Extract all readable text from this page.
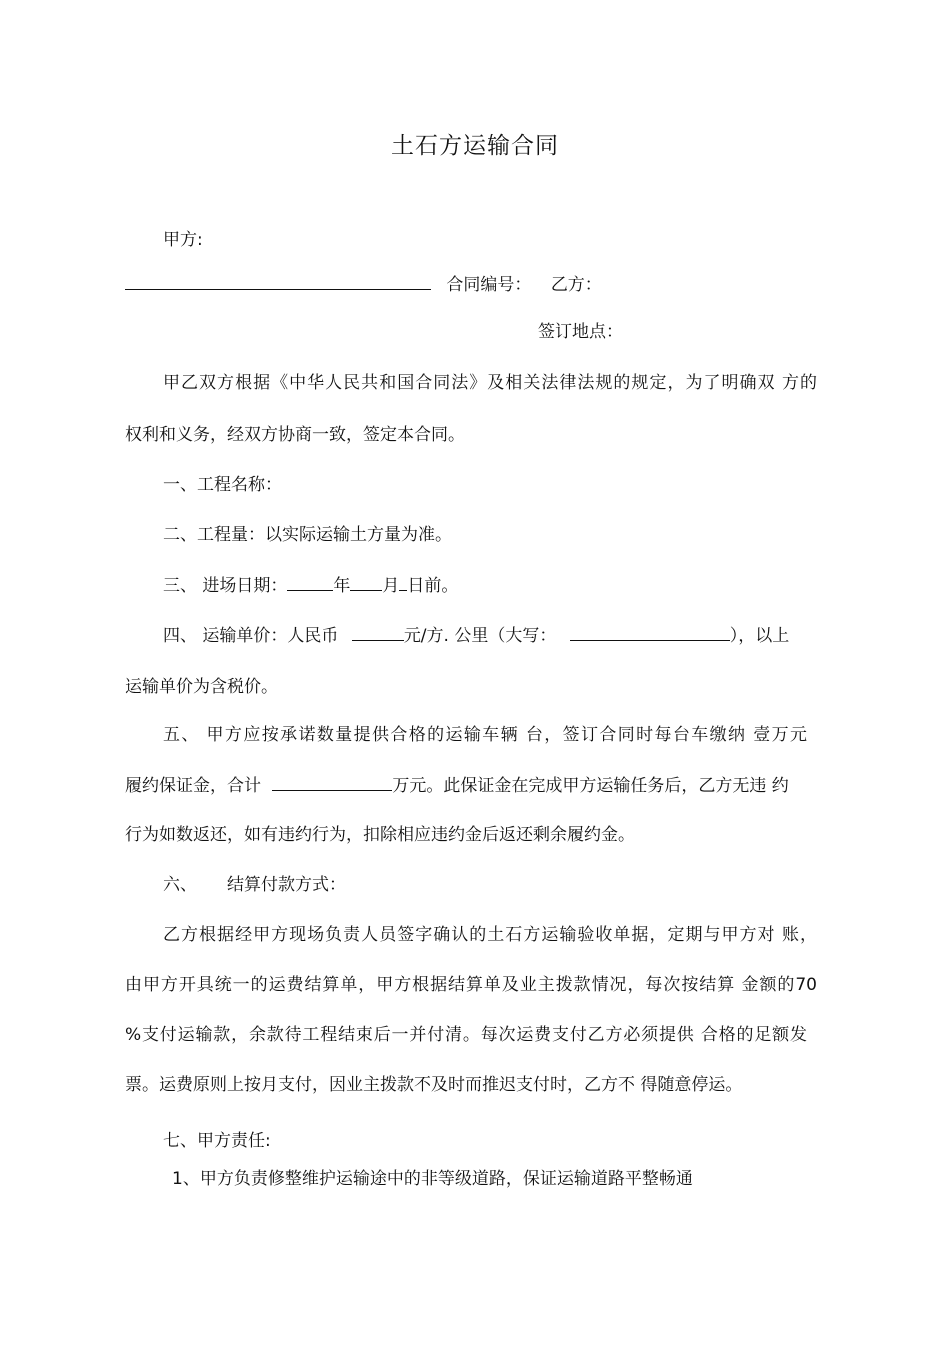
土石方运输合同
甲方:
合同编号： 乙方：
签订地点：
甲乙双方根据《中华人民共和国合同法》及相关法律法规的规定，为了明确双 方的
权利和义务，经双方协商一致，签定本合同。
一、工程名称：
二、工程量：以实际运输土方量为准。
三、 进场日期：	年 月 日前。
四、 运输单价：人民币	元/方. 公里（大写：	），以上
运输单价为含税价。
五、 甲方应按承诺数量提供合格的运输车辆 台，签订合同时每台车缴纳 壹万元
履约保证金，合计	万元。此保证金在完成甲方运输任务后，乙方无违 约
行为如数返还，如有违约行为，扣除相应违约金后返还剩余履约金。
六、 结算付款方式：
乙方根据经甲方现场负责人员签字确认的土石方运输验收单据，定期与甲方对 账，
由甲方开具统一的运费结算单，甲方根据结算单及业主拨款情况，每次按结算 金额的70
%支付运输款，余款待工程结束后一并付清。每次运费支付乙方必须提供 合格的足额发
票。运费原则上按月支付，因业主拨款不及时而推迟支付时，乙方不 得随意停运。
七、甲方责任:
1、甲方负责修整维护运输途中的非等级道路，保证运输道路平整畅通
